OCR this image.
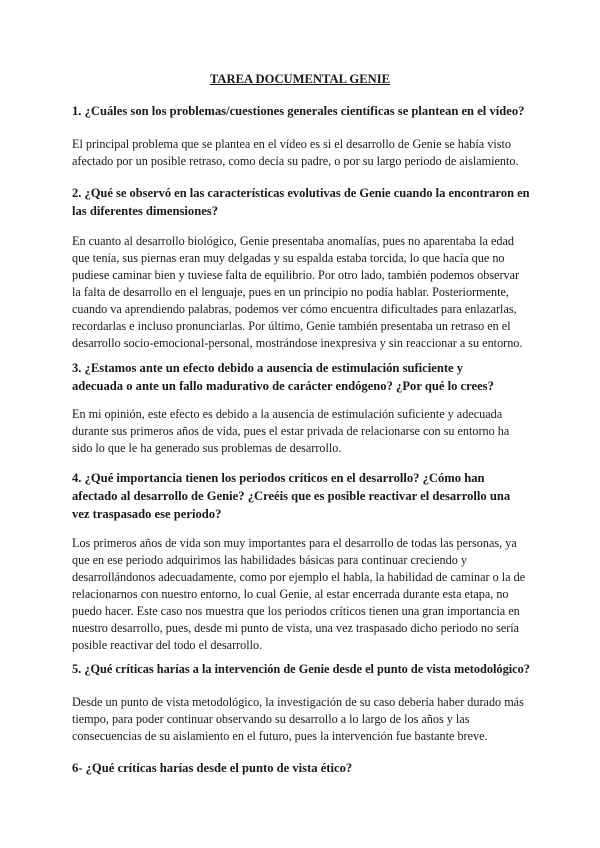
TAREA DOCUMENTAL GENIE
1. ¿Cuáles son los problemas/cuestiones generales científicas se plantean en el vídeo?
El principal problema que se plantea en el vídeo es si el desarrollo de Genie se había visto
afectado por un posible retraso, como decía su padre, o por su largo periodo de aislamiento.
2. ¿Qué se observó en las características evolutivas de Genie cuando la encontraron en
las diferentes dimensiones?
En cuanto al desarrollo biológico, Genie presentaba anomalías, pues no aparentaba la edad
que tenía, sus piernas eran muy delgadas y su espalda estaba torcida, lo que hacía que no
pudiese caminar bien y tuviese falta de equilibrio. Por otro lado, también podemos observar
la falta de desarrollo en el lenguaje, pues en un principio no podía hablar. Posteriormente,
cuando va aprendiendo palabras, podemos ver cómo encuentra dificultades para enlazarlas,
recordarlas e incluso pronunciarlas. Por último, Genie también presentaba un retraso en el
desarrollo socio-emocional-personal, mostrándose inexpresiva y sin reaccionar a su entorno.
3. ¿Estamos ante un efecto debido a ausencia de estimulación suficiente y
adecuada o ante un fallo madurativo de carácter endógeno? ¿Por qué lo crees?
En mi opinión, este efecto es debido a la ausencia de estimulación suficiente y adecuada
durante sus primeros años de vida, pues el estar privada de relacionarse con su entorno ha
sido lo que le ha generado sus problemas de desarrollo.
4. ¿Qué importancia tienen los periodos críticos en el desarrollo? ¿Cómo han
afectado al desarrollo de Genie? ¿Creéis que es posible reactivar el desarrollo una
vez traspasado ese periodo?
Los primeros años de vida son muy importantes para el desarrollo de todas las personas, ya
que en ese periodo adquirimos las habilidades básicas para continuar creciendo y
desarrollándonos adecuadamente, como por ejemplo el habla, la habilidad de caminar o la de
relacionarnos con nuestro entorno, lo cual Genie, al estar encerrada durante esta etapa, no
puedo hacer. Este caso nos muestra que los periodos críticos tienen una gran importancia en
nuestro desarrollo, pues, desde mi punto de vista, una vez traspasado dicho periodo no sería
posible reactivar del todo el desarrollo.
5. ¿Qué críticas harías a la intervención de Genie desde el punto de vista metodológico?
Desde un punto de vista metodológico, la investigación de su caso debería haber durado más
tiempo, para poder continuar observando su desarrollo a lo largo de los años y las
consecuencias de su aislamiento en el futuro, pues la intervención fue bastante breve.
6- ¿Qué críticas harías desde el punto de vista ético?
